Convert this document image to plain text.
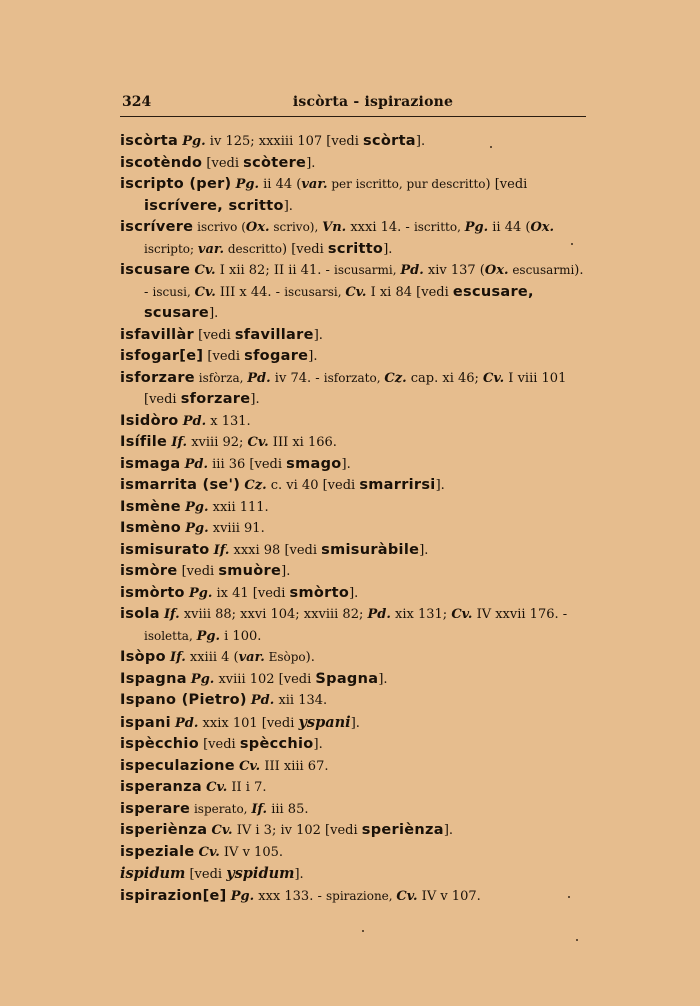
324	iscòrta - ispirazione

iscòrta Pg. iv 125; xxxiii 107 [vedi scòrta].

iscotèndo [vedi scòtere].

iscripto (per) Pg. ii 44 (var. per iscritto, pur descritto) [vedi iscrívere, scritto].

iscrívere iscrivo (Ox. scrivo), Vn. xxxi 14. - iscritto, Pg. ii 44 (Ox. iscripto; var. descritto) [vedi scritto].

iscusare Cv. I xii 82; II ii 41. - iscusarmi, Pd. xiv 137 (Ox. escusarmi). - iscusi, Cv. III x 44. - iscusarsi, Cv. I xi 84 [vedi escusare, scusare].

isfavillàr [vedi sfavillare].

isfogar[e] [vedi sfogare].

isforzare isfòrza, Pd. iv 74. - isforzato, Cz. cap. xi 46; Cv. I viii 101 [vedi sforzare].

Isidòro Pd. x 131.

Isífile If. xviii 92; Cv. III xi 166.

ismaga Pd. iii 36 [vedi smago].

ismarrita (se') Cz. c. vi 40 [vedi smarrirsi].

Ismène Pg. xxii 111.

Ismèno Pg. xviii 91.

ismisurato If. xxxi 98 [vedi smisuràbile].

ismòre [vedi smuòre].

ismòrto Pg. ix 41 [vedi smòrto].

isola If. xviii 88; xxvi 104; xxviii 82; Pd. xix 131; Cv. IV xxvii 176. - isoletta, Pg. i 100.

Isòpo If. xxiii 4 (var. Esòpo).

Ispagna Pg. xviii 102 [vedi Spagna].

Ispano (Pietro) Pd. xii 134.

ispani Pd. xxix 101 [vedi yspani].

ispècchio [vedi spècchio].

ispeculazione Cv. III xiii 67.

isperanza Cv. II i 7.

isperare isperato, If. iii 85.

isperiènza Cv. IV i 3; iv 102 [vedi speriènza].

ispeziale Cv. IV v 105.

ispidum [vedi yspidum].

ispirazion[e] Pg. xxx 133. - spirazione, Cv. IV v 107.
